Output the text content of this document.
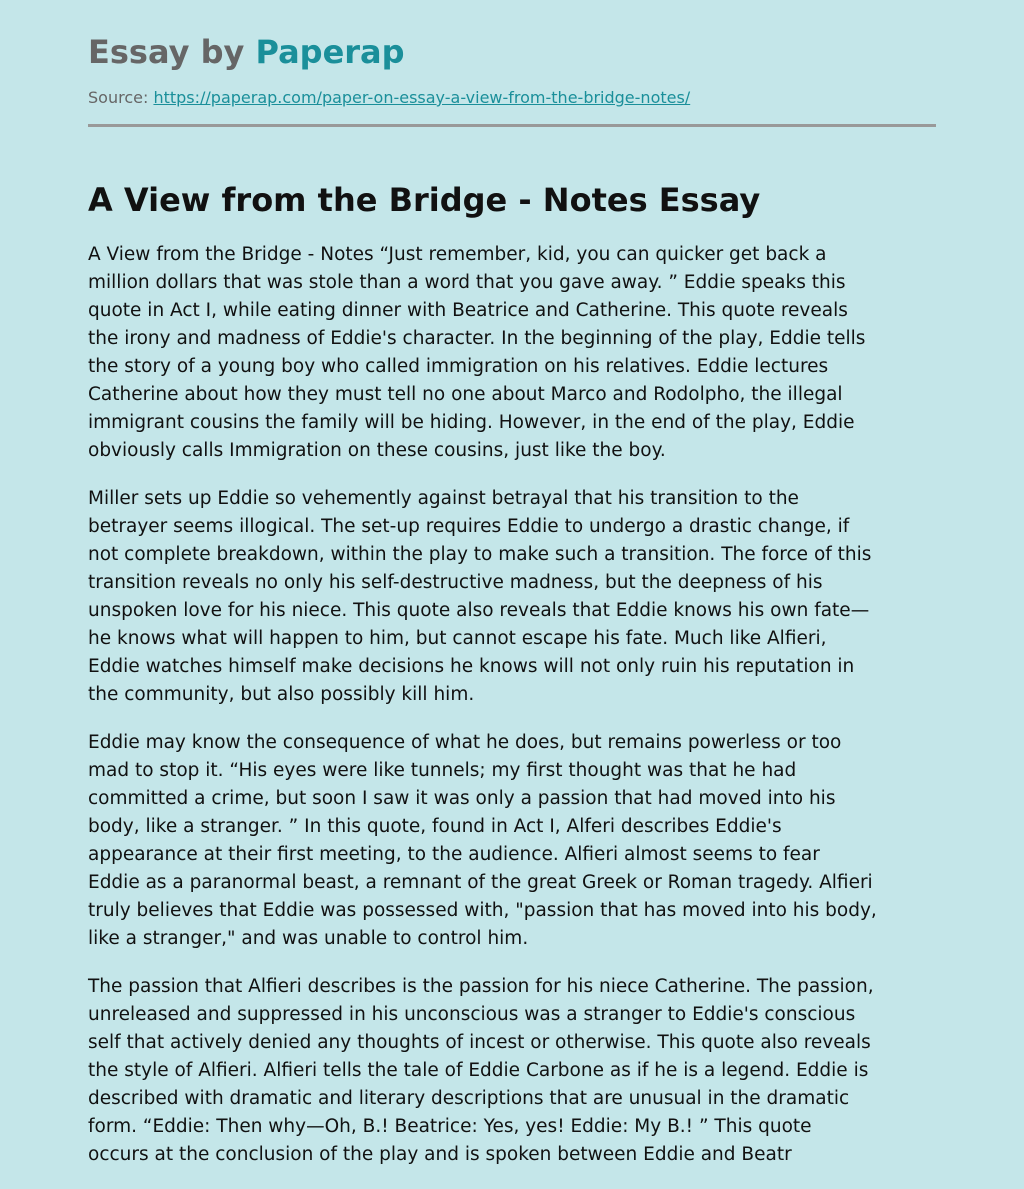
Essay by Paperap
Source: https://paperap.com/paper-on-essay-a-view-from-the-bridge-notes/
A View from the Bridge - Notes Essay

A View from the Bridge - Notes “Just remember, kid, you can quicker get back a
million dollars that was stole than a word that you gave away. ” Eddie speaks this
quote in Act I, while eating dinner with Beatrice and Catherine. This quote reveals
the irony and madness of Eddie's character. In the beginning of the play, Eddie tells
the story of a young boy who called immigration on his relatives. Eddie lectures
Catherine about how they must tell no one about Marco and Rodolpho, the illegal
immigrant cousins the family will be hiding. However, in the end of the play, Eddie
obviously calls Immigration on these cousins, just like the boy.

Miller sets up Eddie so vehemently against betrayal that his transition to the
betrayer seems illogical. The set-up requires Eddie to undergo a drastic change, if
not complete breakdown, within the play to make such a transition. The force of this
transition reveals no only his self-destructive madness, but the deepness of his
unspoken love for his niece. This quote also reveals that Eddie knows his own fate—
he knows what will happen to him, but cannot escape his fate. Much like Alfieri,
Eddie watches himself make decisions he knows will not only ruin his reputation in
the community, but also possibly kill him.

Eddie may know the consequence of what he does, but remains powerless or too
mad to stop it. “His eyes were like tunnels; my first thought was that he had
committed a crime, but soon I saw it was only a passion that had moved into his
body, like a stranger. ” In this quote, found in Act I, Alferi describes Eddie's
appearance at their first meeting, to the audience. Alfieri almost seems to fear
Eddie as a paranormal beast, a remnant of the great Greek or Roman tragedy. Alfieri
truly believes that Eddie was possessed with, "passion that has moved into his body,
like a stranger," and was unable to control him.

The passion that Alfieri describes is the passion for his niece Catherine. The passion,
unreleased and suppressed in his unconscious was a stranger to Eddie's conscious
self that actively denied any thoughts of incest or otherwise. This quote also reveals
the style of Alfieri. Alfieri tells the tale of Eddie Carbone as if he is a legend. Eddie is
described with dramatic and literary descriptions that are unusual in the dramatic
form. “Eddie: Then why—Oh, B.! Beatrice: Yes, yes! Eddie: My B.! ” This quote
occurs at the conclusion of the play and is spoken between Eddie and Beatr
